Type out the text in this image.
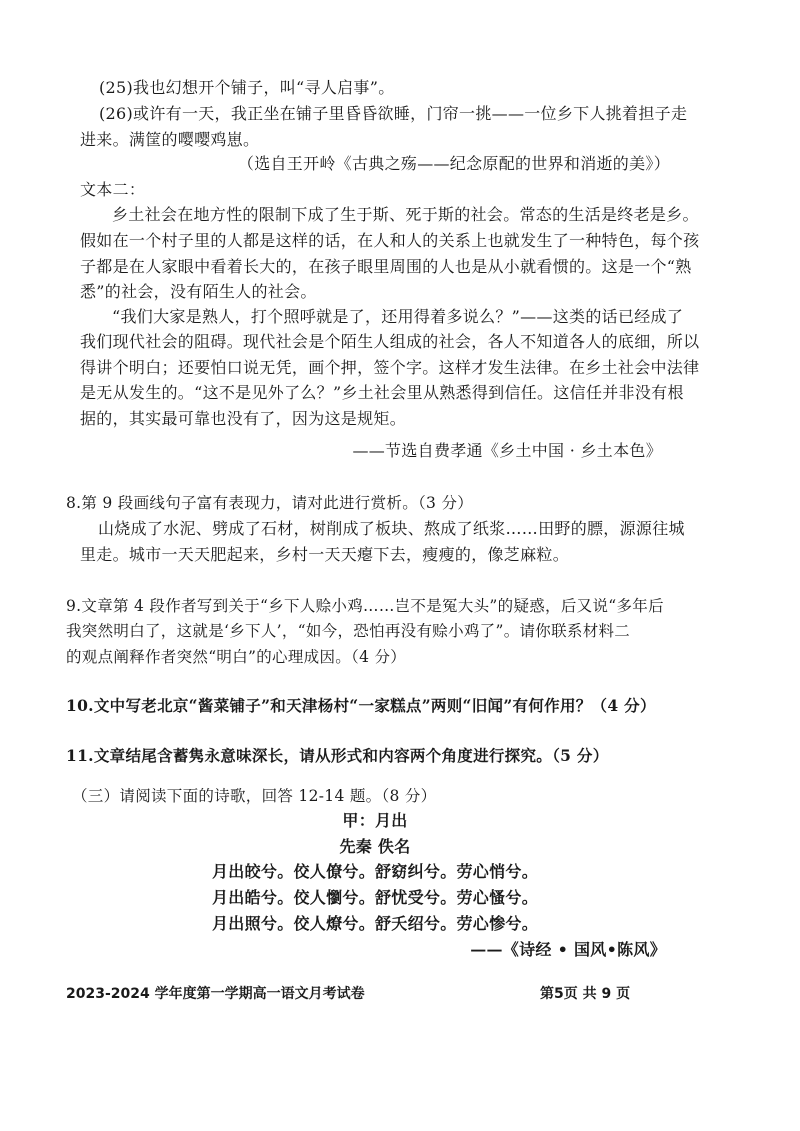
(25)我也幻想开个铺子，叫“寻人启事”。
(26)或许有一天，我正坐在铺子里昏昏欲睡，门帘一挑——一位乡下人挑着担子走
进来。满筐的嘤嘤鸡崽。
（选自王开岭《古典之殇——纪念原配的世界和消逝的美》）
文本二：
乡土社会在地方性的限制下成了生于斯、死于斯的社会。常态的生活是终老是乡。
假如在一个村子里的人都是这样的话，在人和人的关系上也就发生了一种特色，每个孩
子都是在人家眼中看着长大的，在孩子眼里周围的人也是从小就看惯的。这是一个“熟
悉”的社会，没有陌生人的社会。
“我们大家是熟人，打个照呼就是了，还用得着多说么？”——这类的话已经成了
我们现代社会的阻碍。现代社会是个陌生人组成的社会，各人不知道各人的底细，所以
得讲个明白；还要怕口说无凭，画个押，签个字。这样才发生法律。在乡土社会中法律
是无从发生的。“这不是见外了么？”乡土社会里从熟悉得到信任。这信任并非没有根
据的，其实最可靠也没有了，因为这是规矩。
——节选自费孝通《乡土中国 · 乡土本色》
8.第 9 段画线句子富有表现力，请对此进行赏析。（3 分）
山烧成了水泥、劈成了石材，树削成了板块、熬成了纸浆……田野的膘，源源往城
里走。城市一天天肥起来，乡村一天天瘪下去，瘦瘦的，像芝麻粒。
9.文章第 4 段作者写到关于“乡下人赊小鸡……岂不是冤大头”的疑惑，后又说“多年后
我突然明白了，这就是‘乡下人’，“如今，恐怕再没有赊小鸡了”。请你联系材料二
的观点阐释作者突然“明白”的心理成因。（4 分）
10.文中写老北京“酱菜铺子”和天津杨村“一家糕点”两则“旧闻”有何作用？（4 分）
11.文章结尾含蓄隽永意味深长，请从形式和内容两个角度进行探究。（5 分）
（三）请阅读下面的诗歌，回答 12-14 题。（8 分）
甲：月出
先秦 佚名
月出皎兮。佼人僚兮。舒窈纠兮。劳心悄兮。
月出皓兮。佼人懰兮。舒忧受兮。劳心慅兮。
月出照兮。佼人燎兮。舒夭绍兮。劳心惨兮。
——《诗经 • 国风•陈风》
2023-2024 学年度第一学期高一语文月考试卷	第5页 共 9 页
